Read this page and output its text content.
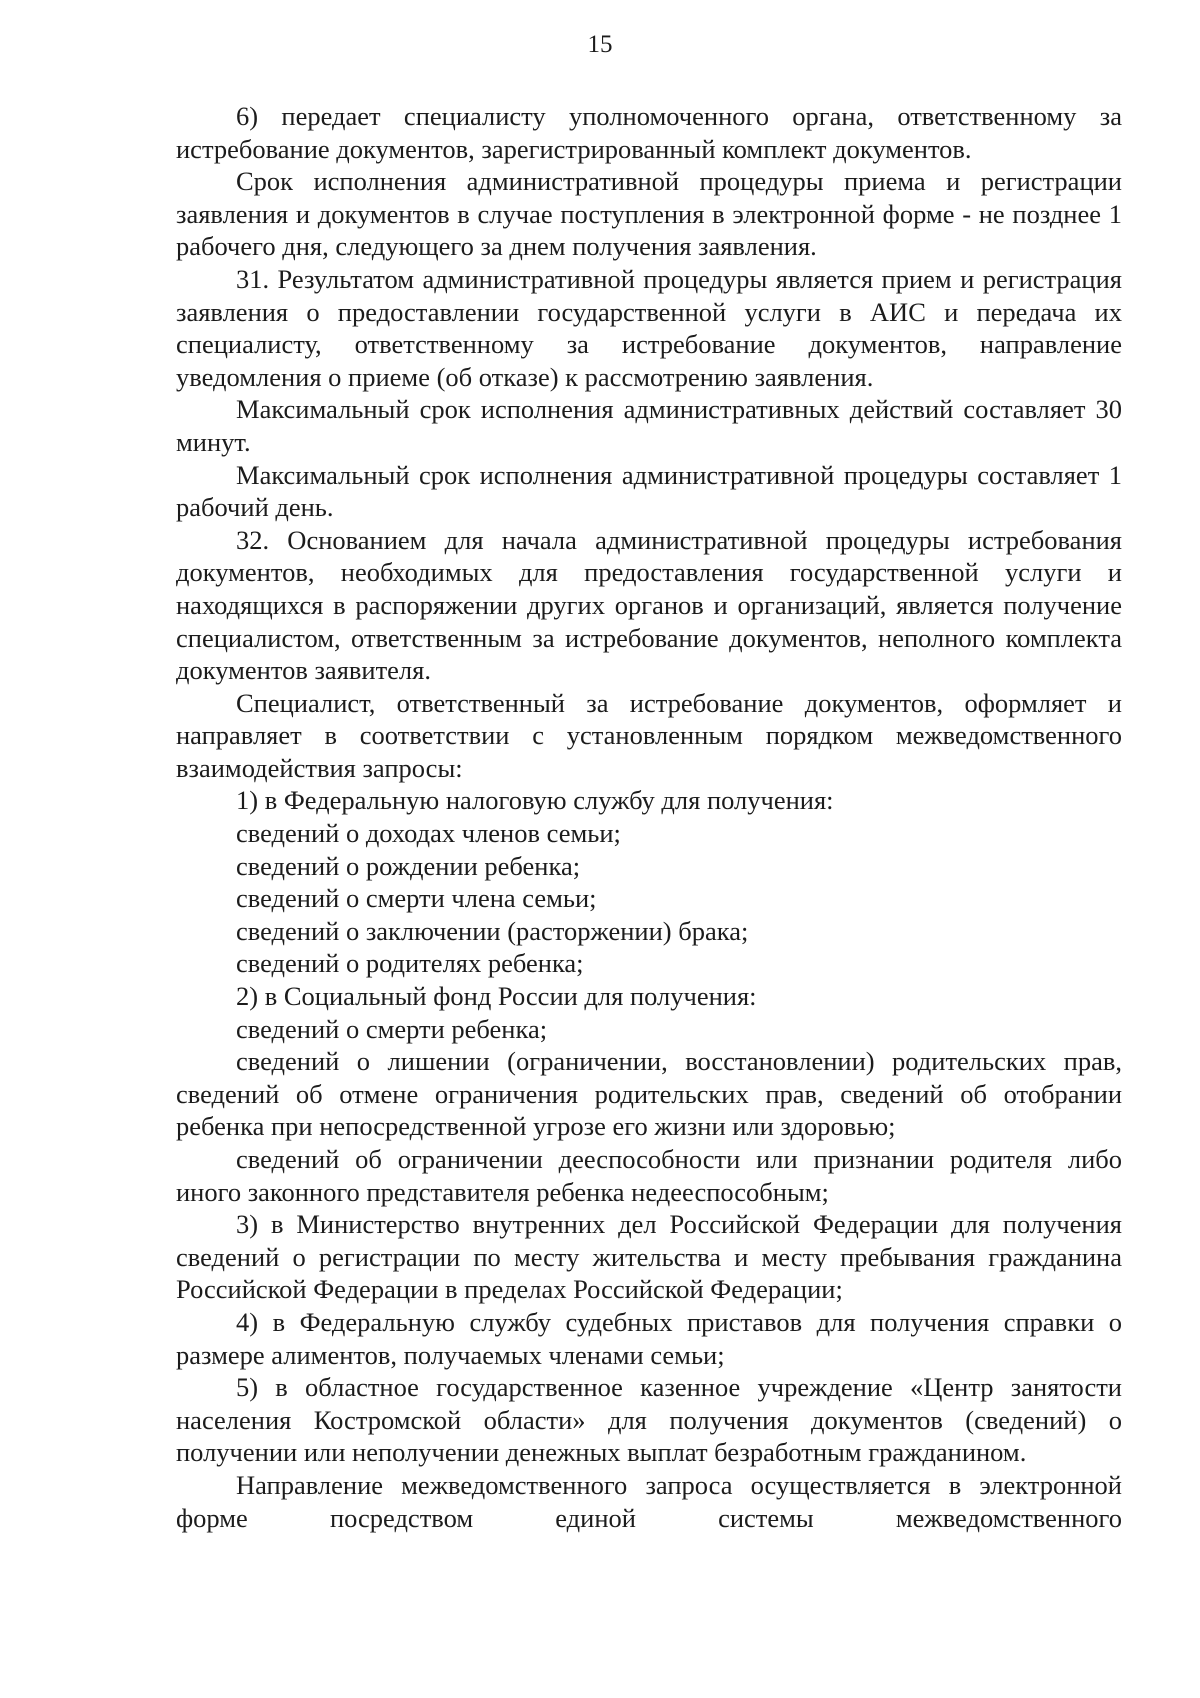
15

6) передает специалисту уполномоченного органа, ответственному за истребование документов, зарегистрированный комплект документов.

Срок исполнения административной процедуры приема и регистрации заявления и документов в случае поступления в электронной форме - не позднее 1 рабочего дня, следующего за днем получения заявления.

31. Результатом административной процедуры является прием и регистрация заявления о предоставлении государственной услуги в АИС и передача их специалисту, ответственному за истребование документов, направление уведомления о приеме (об отказе) к рассмотрению заявления.

Максимальный срок исполнения административных действий составляет 30 минут.

Максимальный срок исполнения административной процедуры составляет 1 рабочий день.

32. Основанием для начала административной процедуры истребования документов, необходимых для предоставления государственной услуги и находящихся в распоряжении других органов и организаций, является получение специалистом, ответственным за истребование документов, неполного комплекта документов заявителя.

Специалист, ответственный за истребование документов, оформляет и направляет в соответствии с установленным порядком межведомственного взаимодействия запросы:

1) в Федеральную налоговую службу для получения:

сведений о доходах членов семьи;

сведений о рождении ребенка;

сведений о смерти члена семьи;

сведений о заключении (расторжении) брака;

сведений о родителях ребенка;

2) в Социальный фонд России для получения:

сведений о смерти ребенка;

сведений о лишении (ограничении, восстановлении) родительских прав, сведений об отмене ограничения родительских прав, сведений об отобрании ребенка при непосредственной угрозе его жизни или здоровью;

сведений об ограничении дееспособности или признании родителя либо иного законного представителя ребенка недееспособным;

3) в Министерство внутренних дел Российской Федерации для получения сведений о регистрации по месту жительства и месту пребывания гражданина Российской Федерации в пределах Российской Федерации;

4) в Федеральную службу судебных приставов для получения справки о размере алиментов, получаемых членами семьи;

5) в областное государственное казенное учреждение «Центр занятости населения Костромской области» для получения документов (сведений) о получении или неполучении денежных выплат безработным гражданином.

Направление межведомственного запроса осуществляется в электронной форме посредством единой системы межведомственного
